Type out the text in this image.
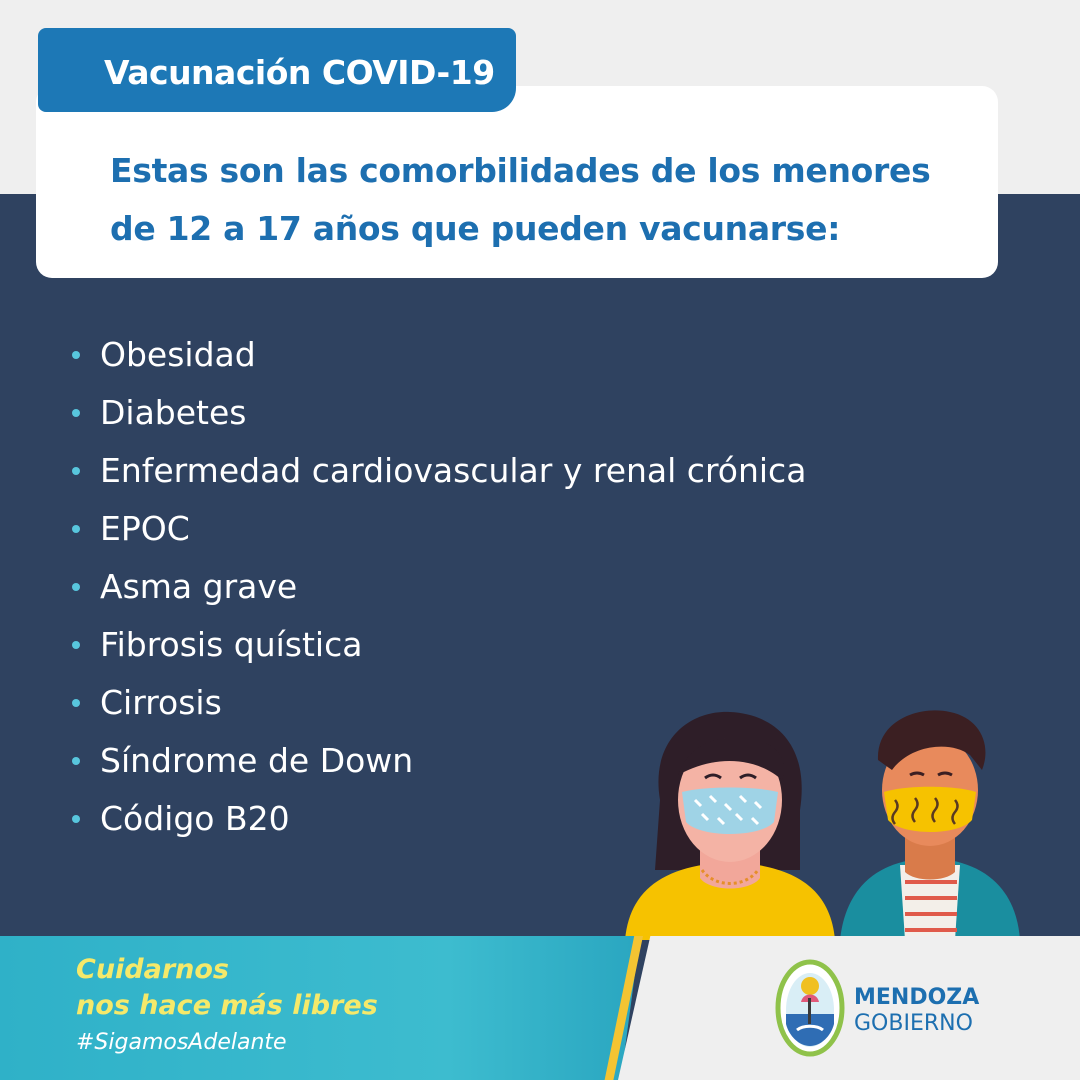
Estas son las comorbilidades de los menores
de 12 a 17 años que pueden vacunarse:
Vacunación COVID-19
Obesidad
Diabetes
Enfermedad cardiovascular y renal crónica
EPOC
Asma grave
Fibrosis quística
Cirrosis
Síndrome de Down
Código B20
Cuidarnos
nos hace más libres
#SigamosAdelante
MENDOZA
GOBIERNO
